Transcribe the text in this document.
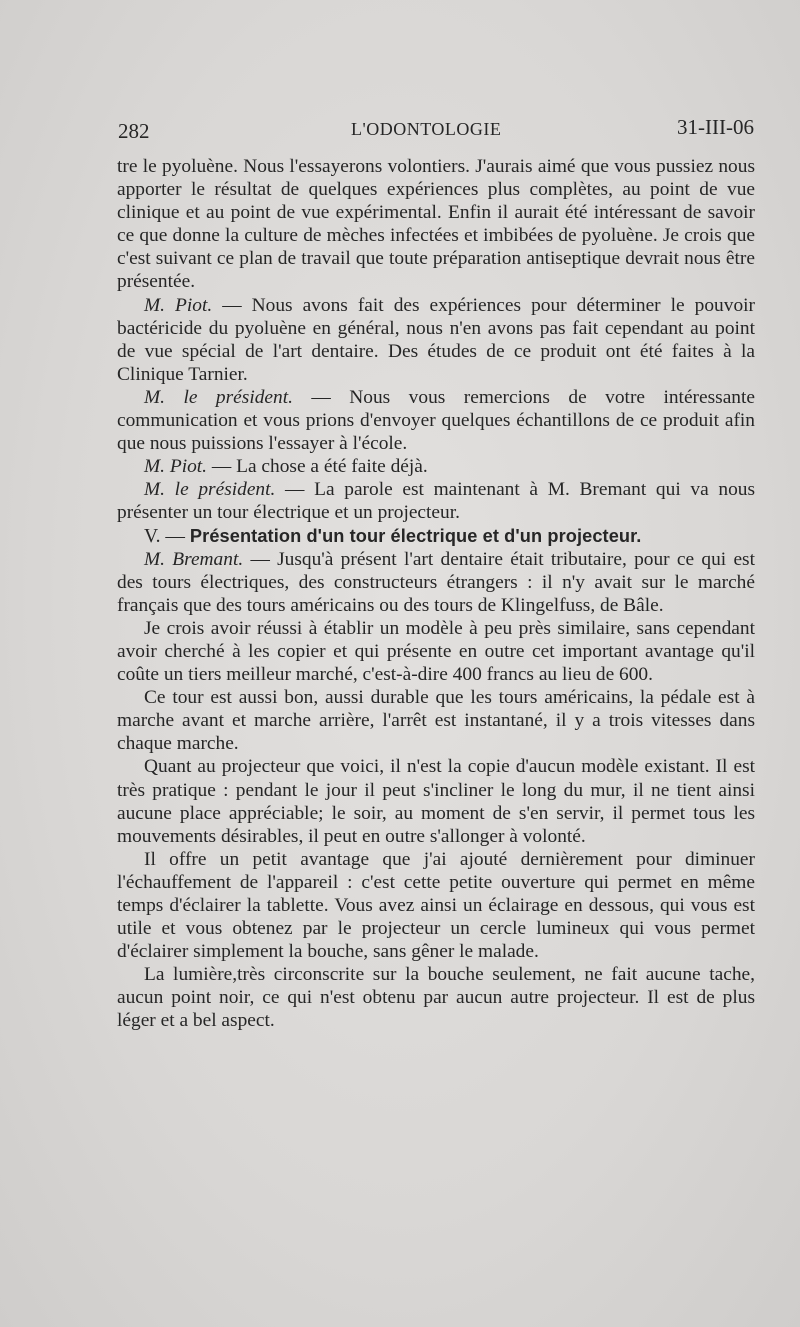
282	L'ODONTOLOGIE	31-III-06

tre le pyoluène. Nous l'essayerons volontiers. J'aurais aimé que vous pussiez nous apporter le résultat de quelques expériences plus complètes, au point de vue clinique et au point de vue expérimental. Enfin il aurait été intéressant de savoir ce que donne la culture de mèches infectées et imbibées de pyoluène. Je crois que c'est suivant ce plan de travail que toute préparation antiseptique devrait nous être présentée.

M. Piot. — Nous avons fait des expériences pour déterminer le pouvoir bactéricide du pyoluène en général, nous n'en avons pas fait cependant au point de vue spécial de l'art dentaire. Des études de ce produit ont été faites à la Clinique Tarnier.

M. le président. — Nous vous remercions de votre intéressante communication et vous prions d'envoyer quelques échantillons de ce produit afin que nous puissions l'essayer à l'école.

M. Piot. — La chose a été faite déjà.

M. le président. — La parole est maintenant à M. Bremant qui va nous présenter un tour électrique et un projecteur.

V. — Présentation d'un tour électrique et d'un projecteur.

M. Bremant. — Jusqu'à présent l'art dentaire était tributaire, pour ce qui est des tours électriques, des constructeurs étrangers : il n'y avait sur le marché français que des tours américains ou des tours de Klingelfuss, de Bâle.

Je crois avoir réussi à établir un modèle à peu près similaire, sans cependant avoir cherché à les copier et qui présente en outre cet important avantage qu'il coûte un tiers meilleur marché, c'est-à-dire 400 francs au lieu de 600.

Ce tour est aussi bon, aussi durable que les tours américains, la pédale est à marche avant et marche arrière, l'arrêt est instantané, il y a trois vitesses dans chaque marche.

Quant au projecteur que voici, il n'est la copie d'aucun modèle existant. Il est très pratique : pendant le jour il peut s'incliner le long du mur, il ne tient ainsi aucune place appréciable; le soir, au moment de s'en servir, il permet tous les mouvements désirables, il peut en outre s'allonger à volonté.

Il offre un petit avantage que j'ai ajouté dernièrement pour diminuer l'échauffement de l'appareil : c'est cette petite ouverture qui permet en même temps d'éclairer la tablette. Vous avez ainsi un éclairage en dessous, qui vous est utile et vous obtenez par le projecteur un cercle lumineux qui vous permet d'éclairer simplement la bouche, sans gêner le malade.

La lumière,très circonscrite sur la bouche seulement, ne fait aucune tache, aucun point noir, ce qui n'est obtenu par aucun autre projecteur. Il est de plus léger et a bel aspect.
